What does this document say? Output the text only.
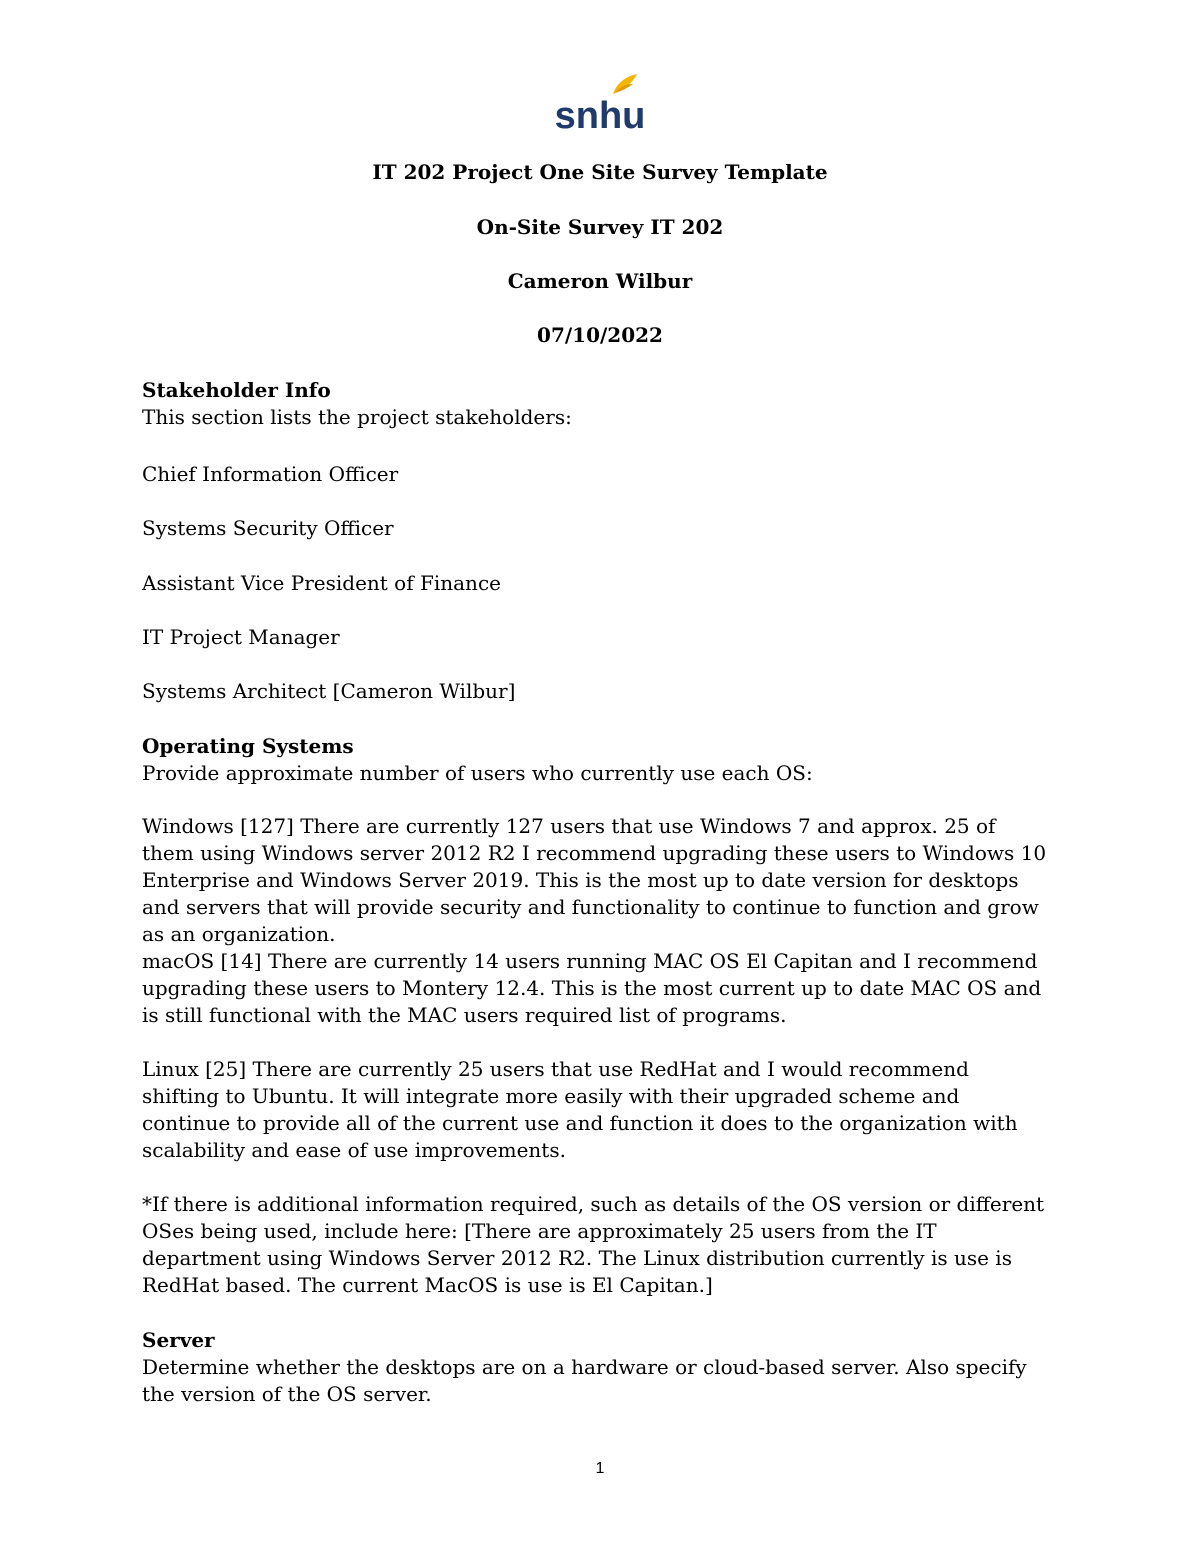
snhu
IT 202 Project One Site Survey Template
On-Site Survey IT 202
Cameron Wilbur
07/10/2022

Stakeholder Info

This section lists the project stakeholders:

Chief Information Officer
Systems Security Officer
Assistant Vice President of Finance
IT Project Manager
Systems Architect [Cameron Wilbur]

Operating Systems

Provide approximate number of users who currently use each OS:

Windows [127] There are currently 127 users that use Windows 7 and approx. 25 of them using Windows server 2012 R2 I recommend upgrading these users to Windows 10 Enterprise and Windows Server 2019. This is the most up to date version for desktops and servers that will provide security and functionality to continue to function and grow as an organization.
macOS [14] There are currently 14 users running MAC OS El Capitan and I recommend upgrading these users to Montery 12.4. This is the most current up to date MAC OS and is still functional with the MAC users required list of programs.
Linux [25] There are currently 25 users that use RedHat and I would recommend shifting to Ubuntu. It will integrate more easily with their upgraded scheme and continue to provide all of the current use and function it does to the organization with scalability and ease of use improvements.
*If there is additional information required, such as details of the OS version or different OSes being used, include here: [There are approximately 25 users from the IT department using Windows Server 2012 R2. The Linux distribution currently is use is RedHat based. The current MacOS is use is El Capitan.]

Server

Determine whether the desktops are on a hardware or cloud-based server. Also specify the version of the OS server.

1
